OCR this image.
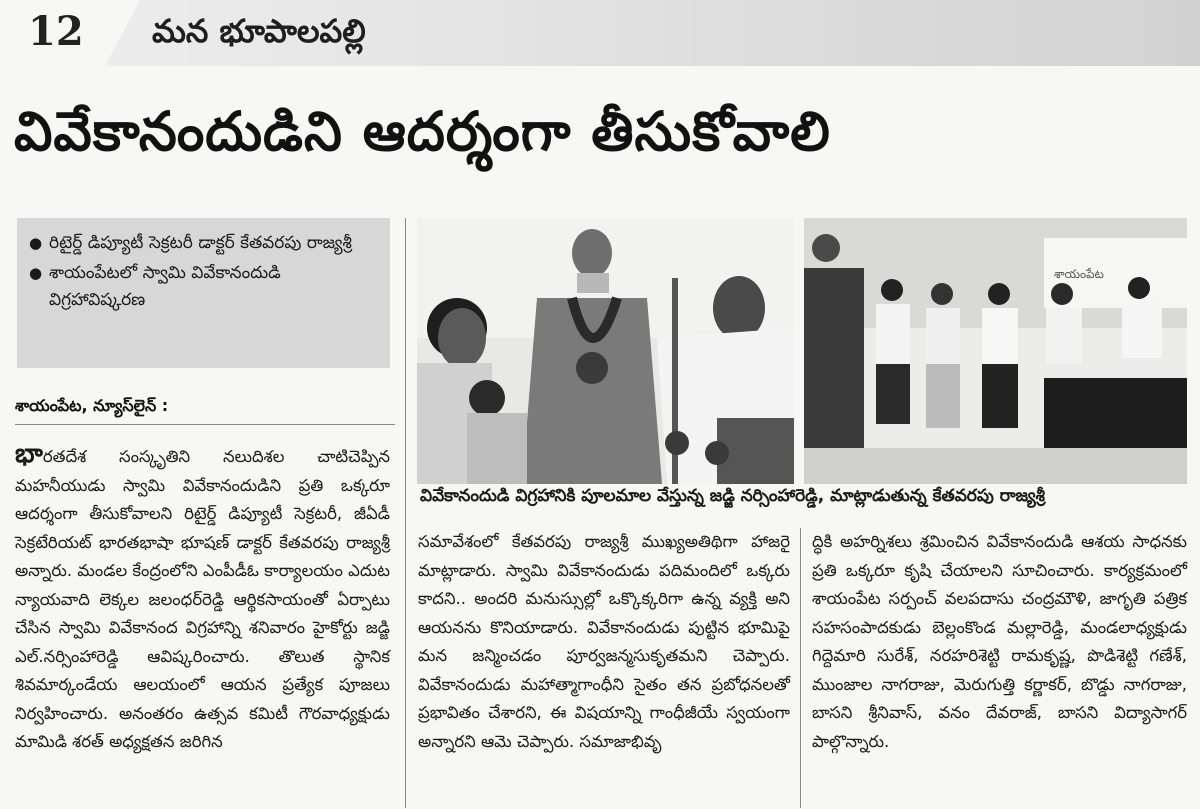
12 మన భూపాలపల్లి
వివేకానందుడిని ఆదర్శంగా తీసుకోవాలి
● రిటైర్డ్ డిప్యూటీ సెక్రటరీ డాక్టర్ కేతవరపు రాజ్యశ్రీ
● శాయంపేటలో స్వామి వివేకానందుడి విగ్రహావిష్కరణ
శాయంపేట, న్యూస్‌లైన్ :

భారతదేశ సంస్కృతిని నలుదిశల చాటిచెప్పిన మహనీయుడు స్వామి వివేకానందుడిని ప్రతి ఒక్కరూ ఆదర్శంగా తీసుకోవాలని రిటైర్డ్ డిప్యూటీ సెక్రటరీ, జీఏడీ సెక్రటేరియట్ భారతభాషా భూషణ్ డాక్టర్ కేతవరపు రాజ్యశ్రీ అన్నారు. మండల కేంద్రంలోని ఎంపీడీఓ కార్యాలయం ఎదుట న్యాయవాది లెక్కల జలంధర్‌రెడ్డి ఆర్థికసాయంతో ఏర్పాటు చేసిన స్వామి వివేకానంద విగ్రహాన్ని శనివారం హైకోర్టు జడ్జి ఎల్.నర్సింహారెడ్డి ఆవిష్కరించారు. తొలుత స్థానిక శివమార్కండేయ ఆలయంలో ఆయన ప్రత్యేక పూజలు నిర్వహించారు. అనంతరం ఉత్సవ కమిటీ గౌరవాధ్యక్షుడు మామిడి శరత్ అధ్యక్షతన జరిగిన

శాయంపేట
వివేకానందుడి విగ్రహానికి పూలమాల వేస్తున్న జడ్జి నర్సింహారెడ్డి, మాట్లాడుతున్న కేతవరపు రాజ్యశ్రీ

సమావేశంలో కేతవరపు రాజ్యశ్రీ ముఖ్యఅతిథిగా హాజరై మాట్లాడారు. స్వామి వివేకానందుడు పదిమందిలో ఒక్కరు కాదని.. అందరి మనుస్సుల్లో ఒక్కొక్కరిగా ఉన్న వ్యక్తి అని ఆయనను కొనియాడారు. వివేకానందుడు పుట్టిన భూమిపై మన జన్మించడం పూర్వజన్మసుకృతమని చెప్పారు. వివేకానందుడు మహాత్మాగాంధీని సైతం తన ప్రబోధనలతో ప్రభావితం చేశారని, ఈ విషయాన్ని గాంధీజీయే స్వయంగా అన్నారని ఆమె చెప్పారు. సమాజాభివృ

ద్ధికి అహర్నిశలు శ్రమించిన వివేకానందుడి ఆశయ సాధనకు ప్రతి ఒక్కరూ కృషి చేయాలని సూచించారు. కార్యక్రమంలో శాయంపేట సర్పంచ్ వలపదాసు చంద్రమౌళి, జాగృతి పత్రిక సహసంపాదకుడు బెల్లంకొండ మల్లారెడ్డి, మండలాధ్యక్షుడు గిద్దెమారి సురేశ్, నరహరిశెట్టి రామకృష్ణ, పొడిశెట్టి గణేశ్, ముంజాల నాగరాజు, మెరుగుత్తి కర్ణాకర్, బొడ్డు నాగరాజు, బాసని శ్రీనివాస్, వనం దేవరాజ్, బాసని విద్యాసాగర్ పాల్గొన్నారు.
